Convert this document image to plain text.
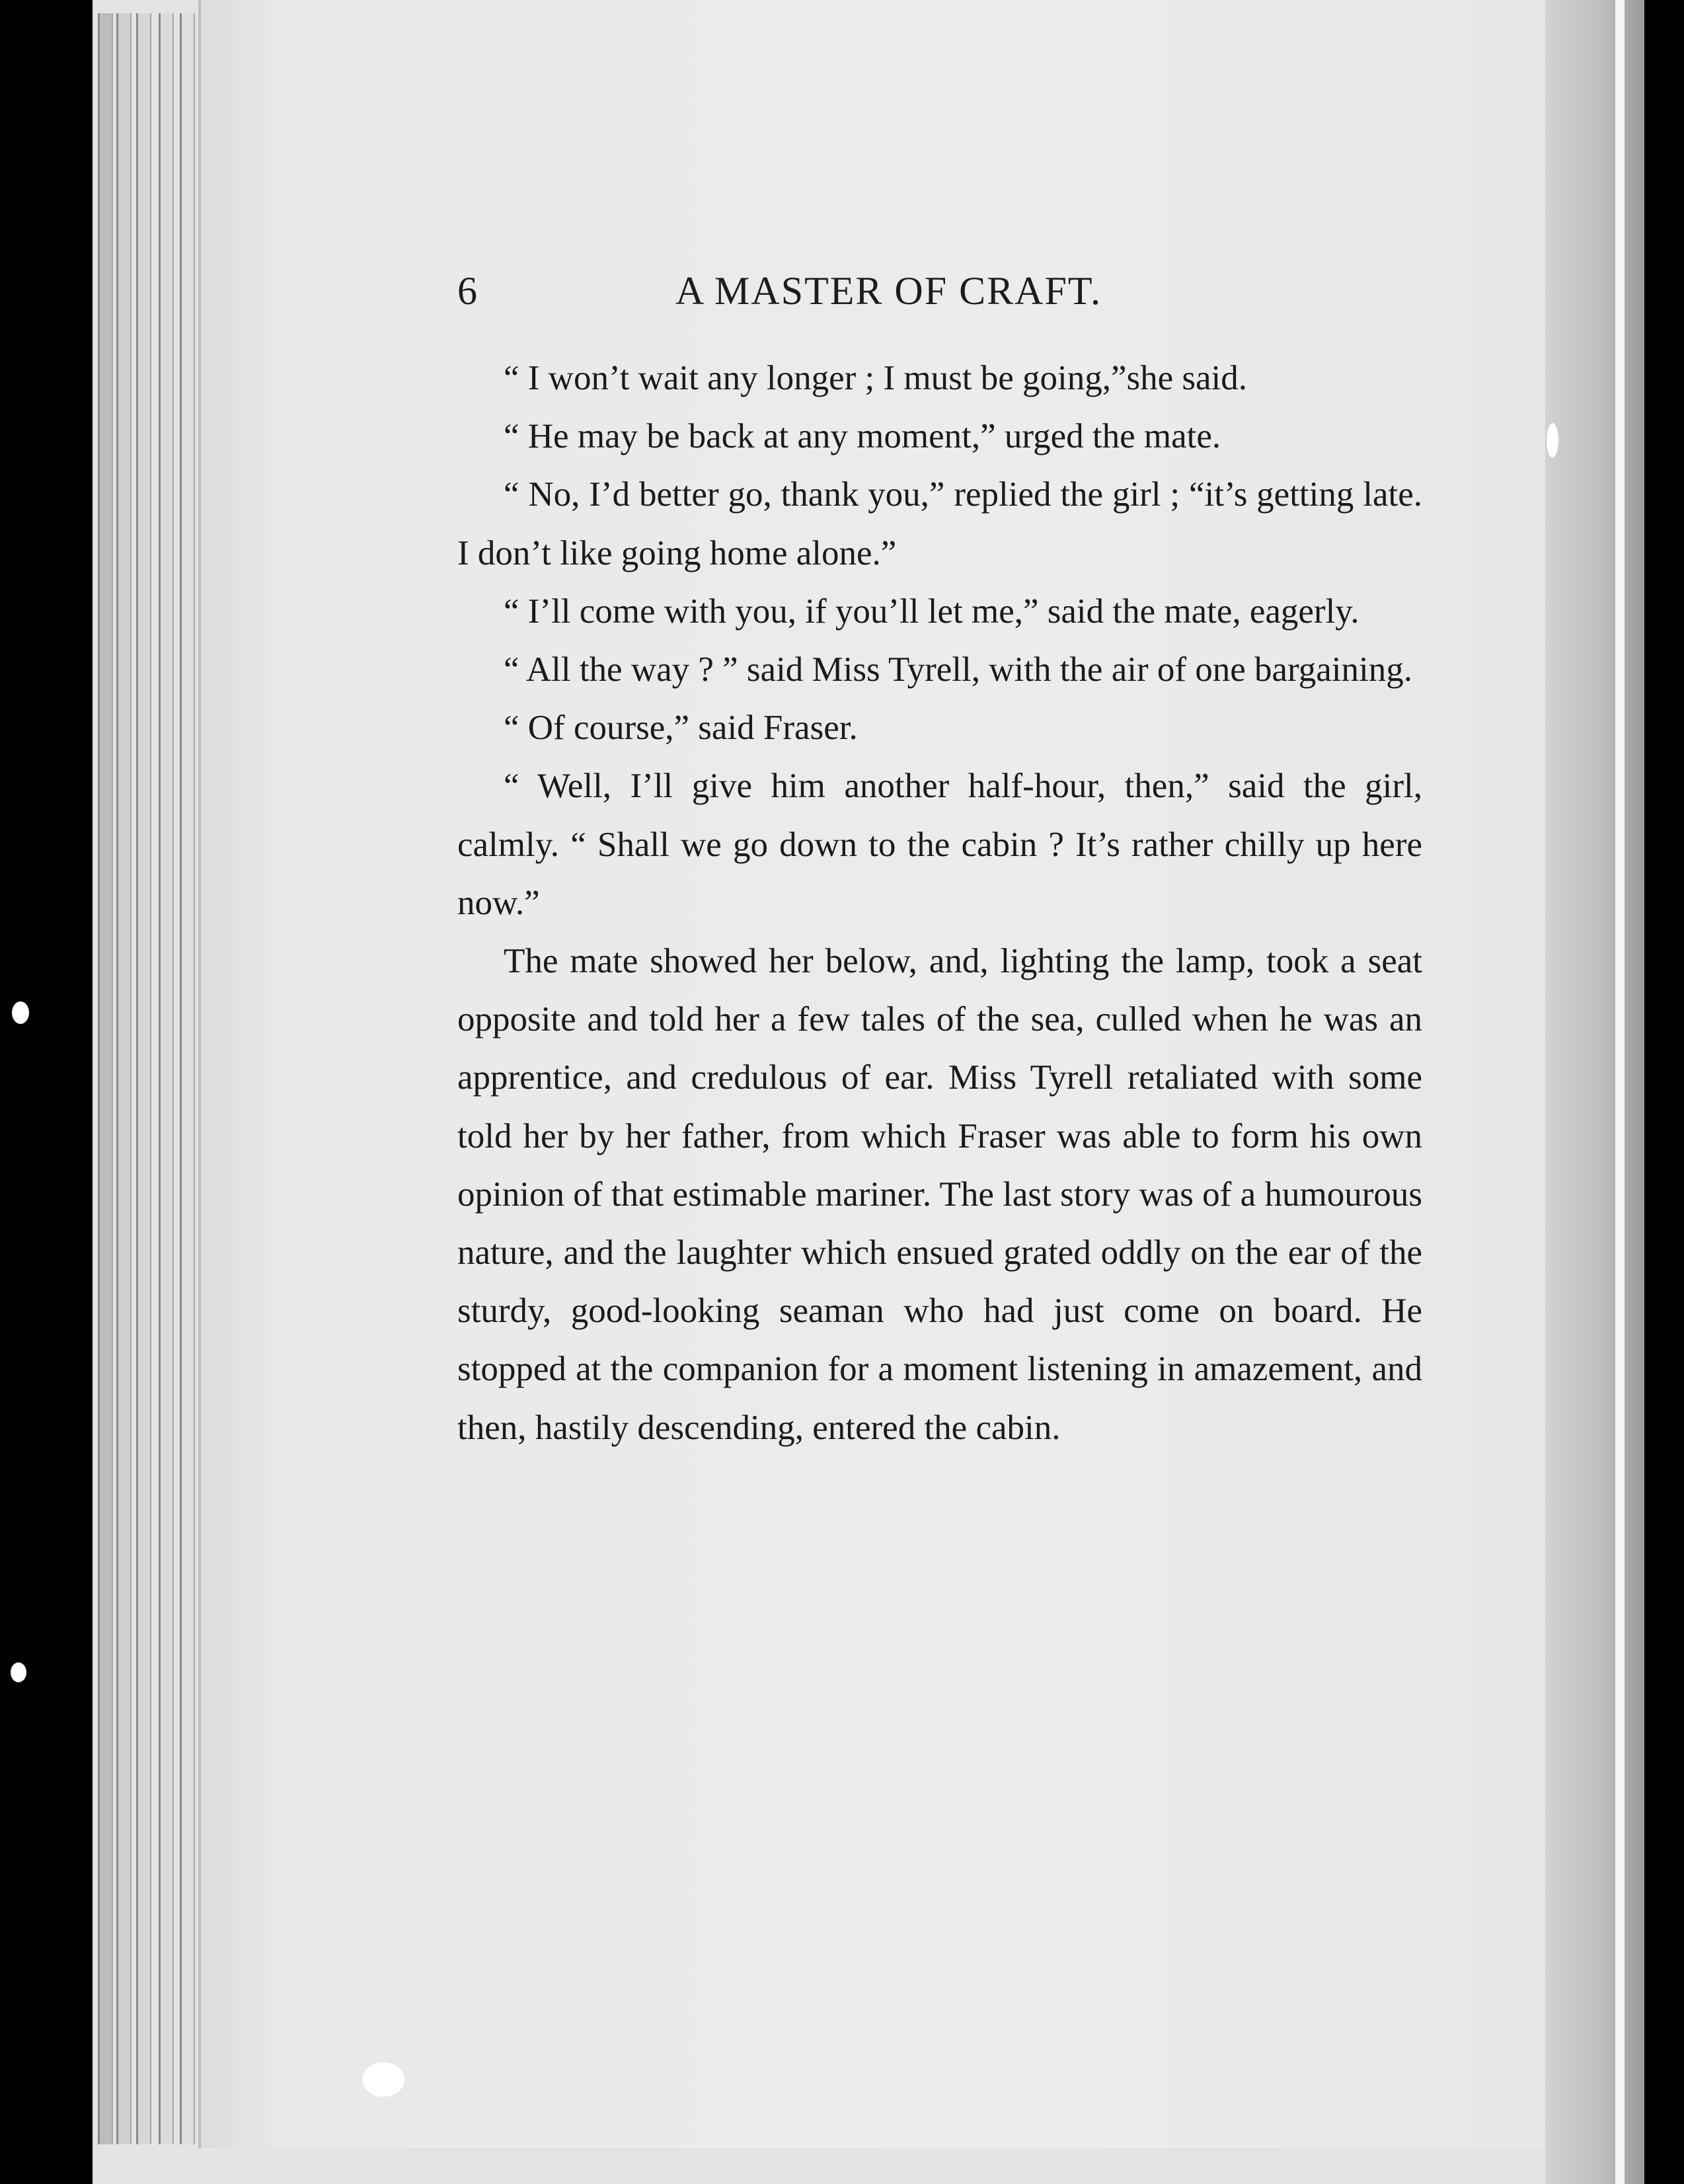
6	A MASTER OF CRAFT.

“ I won’t wait any longer ; I must be going,”she said.

“ He may be back at any moment,” urged the mate.

“ No, I’d better go, thank you,” replied the girl ; “it’s getting late. I don’t like going home alone.”

“ I’ll come with you, if you’ll let me,” said the mate, eagerly.

“ All the way ? ” said Miss Tyrell, with the air of one bargaining.

“ Of course,” said Fraser.

“ Well, I’ll give him another half-hour, then,” said the girl, calmly. “ Shall we go down to the cabin ? It’s rather chilly up here now.”

The mate showed her below, and, lighting the lamp, took a seat opposite and told her a few tales of the sea, culled when he was an apprentice, and credulous of ear. Miss Tyrell retaliated with some told her by her father, from which Fraser was able to form his own opinion of that estimable mariner. The last story was of a humourous nature, and the laughter which ensued grated oddly on the ear of the sturdy, good-looking seaman who had just come on board. He stopped at the companion for a moment listening in amazement, and then, hastily descending, entered the cabin.
